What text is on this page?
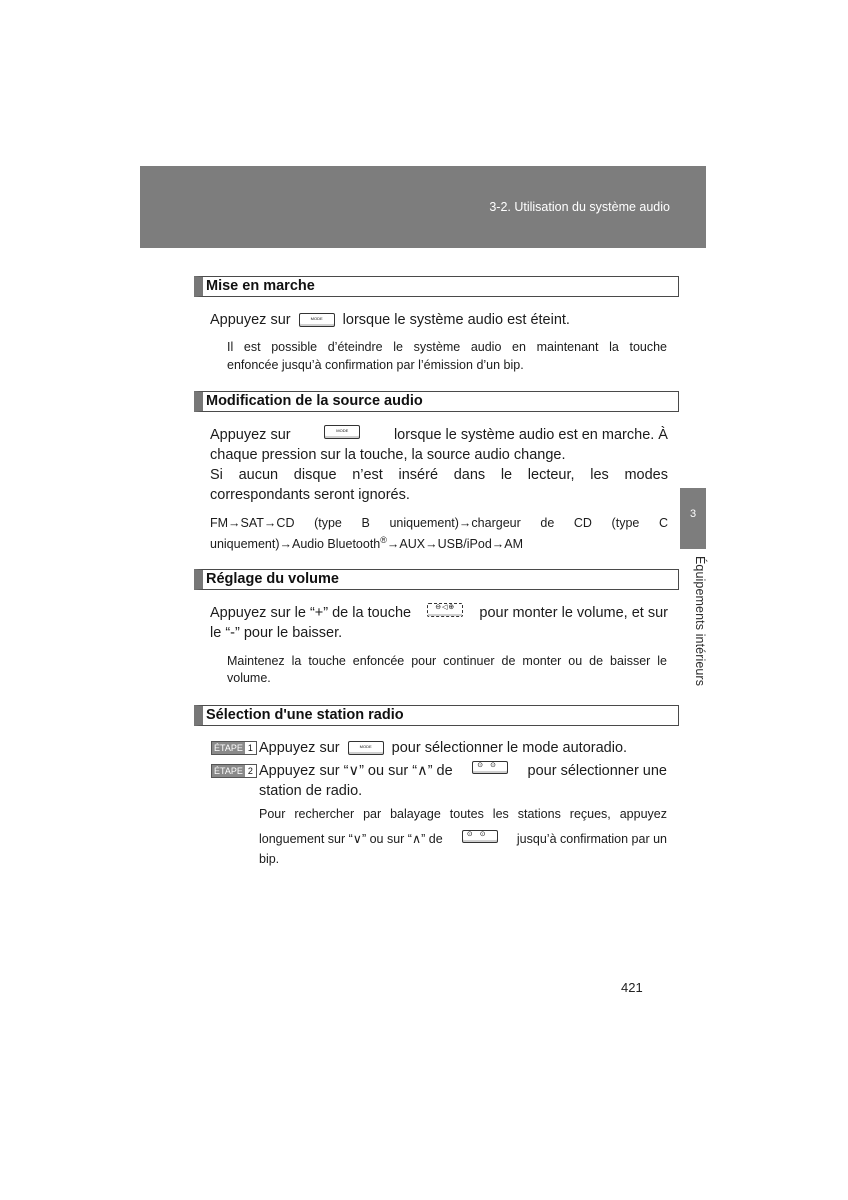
3-2. Utilisation du système audio
3
Équipements intérieurs
Mise en marche
Appuyez sur	MODE	lorsque le système audio est éteint.
Il est possible d’éteindre le système audio en maintenant la touche
enfoncée jusqu’à confirmation par l’émission d’un bip.
Modification de la source audio
Appuyez sur	MODE	lorsque le système audio est en marche. À
chaque pression sur la touche, la source audio change.
Si aucun disque n’est inséré dans le lecteur, les modes
correspondants seront ignorés.
FM→SAT→CD (type B uniquement)→chargeur de CD (type C
uniquement)→Audio Bluetooth®→AUX→USB/iPod→AM
Réglage du volume
Appuyez sur le “+” de la touche	⊖◁⊕	pour monter le volume, et sur
le “-” pour le baisser.
Maintenez la touche enfoncée pour continuer de monter ou de baisser le
volume.
Sélection d'une station radio
ÉTAPE 1 Appuyez sur	MODE	pour sélectionner le mode autoradio.
ÉTAPE 2 Appuyez sur “∨” ou sur “∧” de	⊙⊙ pour sélectionner une
station de radio.
Pour rechercher par balayage toutes les stations reçues, appuyez
longuement sur “∨” ou sur “∧” de	⊙⊙	jusqu’à confirmation par un
bip.
421
